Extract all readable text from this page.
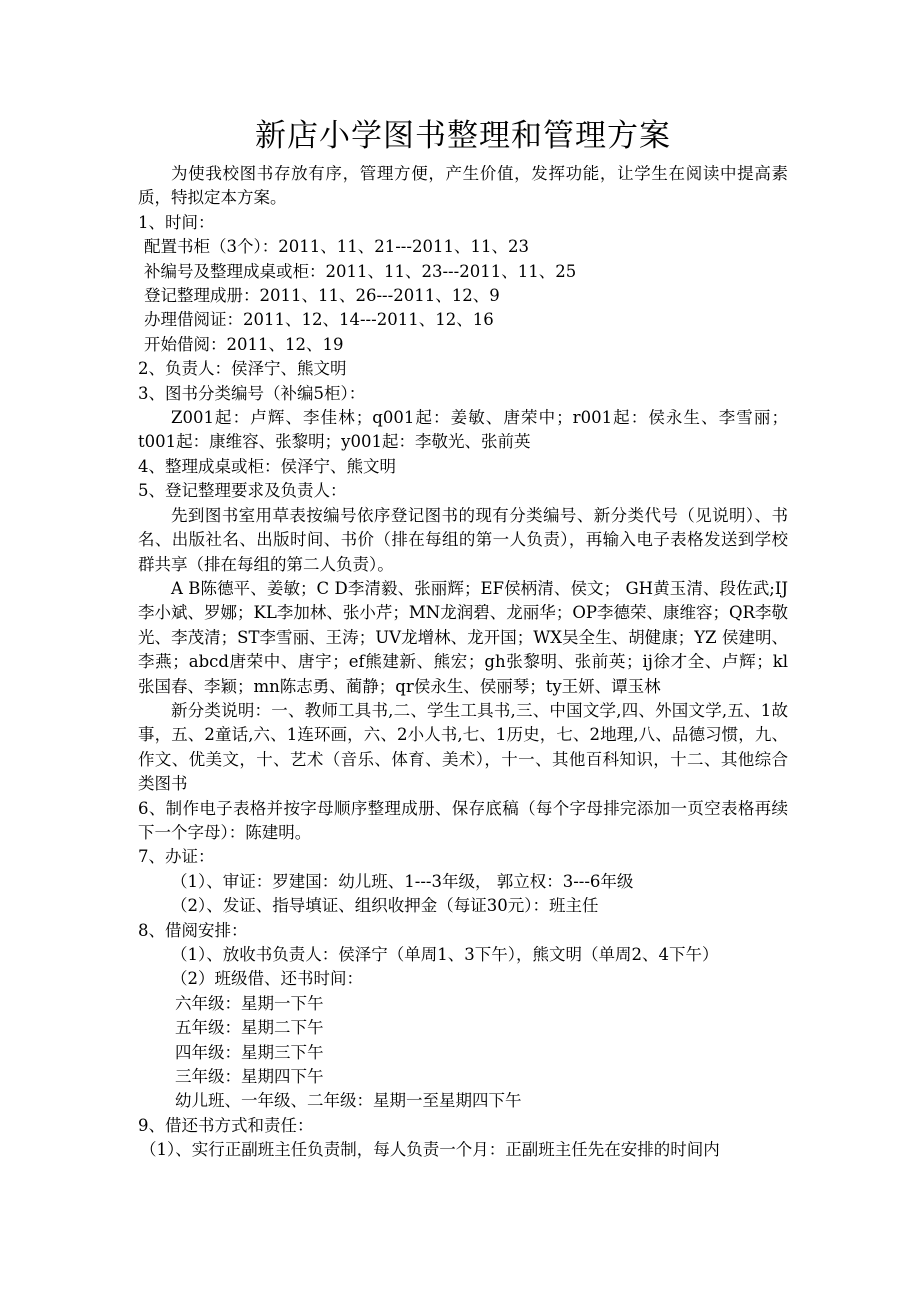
新店小学图书整理和管理方案

为使我校图书存放有序，管理方便，产生价值，发挥功能，让学生在阅读中提高素质，特拟定本方案。

1、时间：

配置书柜（3个）：2011、11、21---2011、11、23

补编号及整理成桌或柜：2011、11、23---2011、11、25

登记整理成册：2011、11、26---2011、12、9

办理借阅证：2011、12、14---2011、12、16

开始借阅：2011、12、19

2、负责人：侯泽宁、熊文明

3、图书分类编号（补编5柜）：

Z001起：卢辉、李佳林；q001起：姜敏、唐荣中；r001起：侯永生、李雪丽；t001起：康维容、张黎明；y001起：李敬光、张前英

4、整理成桌或柜：侯泽宁、熊文明

5、登记整理要求及负责人：

先到图书室用草表按编号依序登记图书的现有分类编号、新分类代号（见说明）、书名、出版社名、出版时间、书价（排在每组的第一人负责），再输入电子表格发送到学校群共享（排在每组的第二人负责）。

A B陈德平、姜敏；C D李清毅、张丽辉；EF侯柄清、侯文； GH黄玉清、段佐武;IJ李小斌、罗娜；KL李加林、张小芹；MN龙润碧、龙丽华；OP李德荣、康维容；QR李敬光、李茂清；ST李雪丽、王涛；UV龙增林、龙开国；WX吴全生、胡健康；YZ 侯建明、李燕；abcd唐荣中、唐宇；ef熊建新、熊宏；gh张黎明、张前英；ij徐才全、卢辉；kl 张国春、李颖；mn陈志勇、蔺静；qr侯永生、侯丽琴；ty王妍、谭玉林

新分类说明：一、教师工具书,二、学生工具书,三、中国文学,四、外国文学,五、1故事，五、2童话,六、1连环画，六、2小人书,七、1历史，七、2地理,八、品德习惯，九、作文、优美文，十、艺术（音乐、体育、美术），十一、其他百科知识，十二、其他综合类图书

6、制作电子表格并按字母顺序整理成册、保存底稿（每个字母排完添加一页空表格再续下一个字母）：陈建明。

7、办证：

（1）、审证：罗建国：幼儿班、1---3年级， 郭立权：3---6年级

（2）、发证、指导填证、组织收押金（每证30元）：班主任

8、借阅安排：

（1）、放收书负责人：侯泽宁（单周1、3下午），熊文明（单周2、4下午）

（2）班级借、还书时间：

六年级：星期一下午

五年级：星期二下午

四年级：星期三下午

三年级：星期四下午

幼儿班、一年级、二年级：星期一至星期四下午

9、借还书方式和责任：

（1）、实行正副班主任负责制，每人负责一个月：正副班主任先在安排的时间内
